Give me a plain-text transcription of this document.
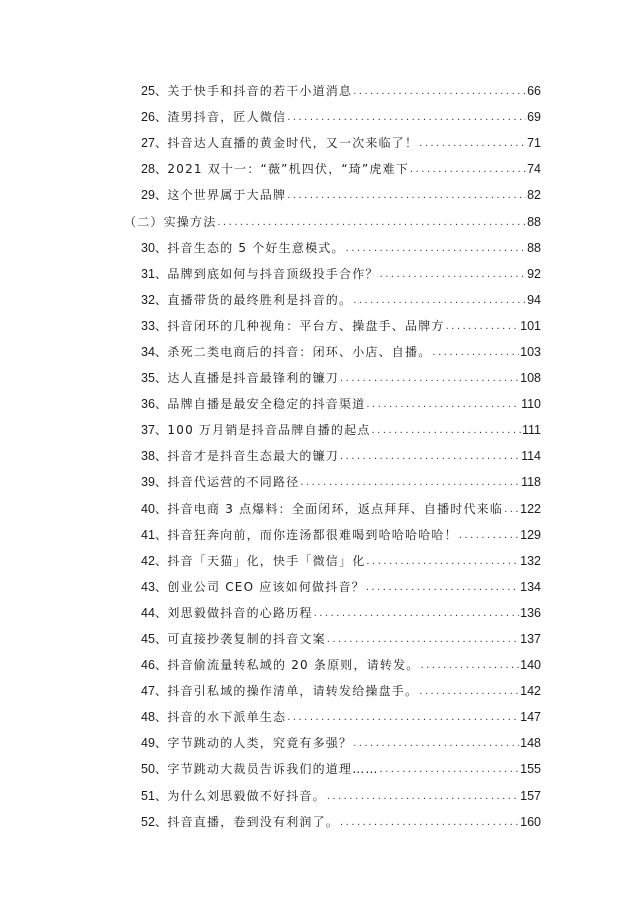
25、 关于快手和抖音的若干小道消息 .....	66
26、 渣男抖音，匠人微信 .....	69
27、 抖音达人直播的黄金时代，又一次来临了！ .....	71
28、 2021 双十一：“薇”机四伏，“琦”虎难下 .....	74
29、 这个世界属于大品牌 .....	82
（二）实操方法 .....	88
30、 抖音生态的 5 个好生意模式。 .....	88
31、 品牌到底如何与抖音顶级投手合作？ .....	92
32、 直播带货的最终胜利是抖音的。 .....	94
33、 抖音闭环的几种视角：平台方、操盘手、品牌方 .....	101
34、 杀死二类电商后的抖音：闭环、小店、自播。 .....	103
35、 达人直播是抖音最锋利的镰刀 .....	108
36、 品牌自播是最安全稳定的抖音渠道 .....	110
37、 100 万月销是抖音品牌自播的起点 .....	111
38、 抖音才是抖音生态最大的镰刀 .....	114
39、 抖音代运营的不同路径 .....	118
40、 抖音电商 3 点爆料：全面闭环，返点拜拜、自播时代来临 ..... 122
41、 抖音狂奔向前，而你连汤都很难喝到哈哈哈哈哈！ .....	129
42、 抖音「天猫」化，快手「微信」化 .....	132
43、 创业公司 CEO 应该如何做抖音？ .....	134
44、 刘思毅做抖音的心路历程 .....	136
45、 可直接抄袭复制的抖音文案 .....	137
46、 抖音偷流量转私域的 20 条原则，请转发。 .....	140
47、 抖音引私域的操作清单，请转发给操盘手。 .....	142
48、 抖音的水下派单生态 .....	147
49、 字节跳动的人类，究竟有多强？ .....	148
50、 字节跳动大裁员告诉我们的道理…… .....	155
51、 为什么刘思毅做不好抖音。 .....	157
52、 抖音直播，卷到没有利润了。 .....	160
